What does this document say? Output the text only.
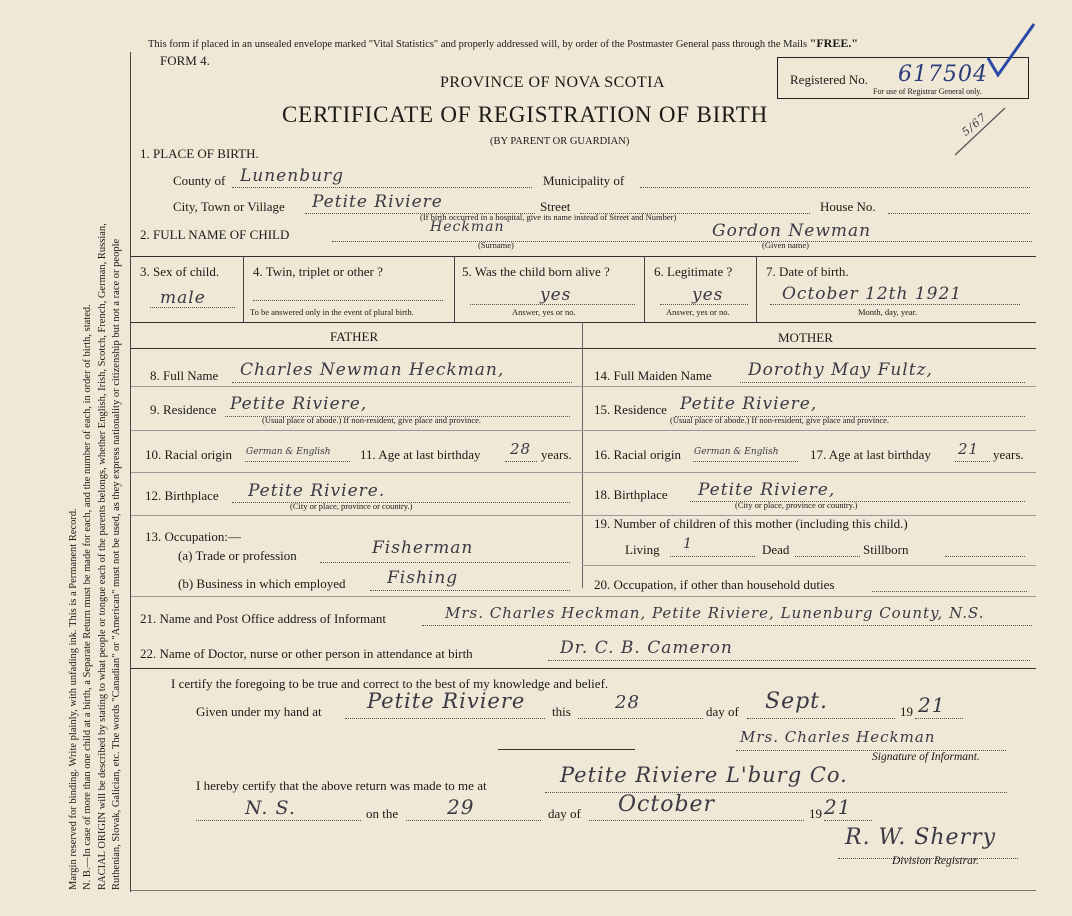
Margin reserved for binding. Write plainly, with unfading ink. This is a Permanent Record. N. B.—In case of more than one child at a birth, a Separate Return must be made for each, and the number of each, in order of birth, stated. RACIAL ORIGIN will be described by stating to what people or tongue each of the parents belongs, whether English, Irish, Scotch, French, German, Russian, Ruthenian, Slovak, Galician, etc. The words "Canadian" or "American" must not be used, as they express nationality or citizenship but not a race or people
This form if placed in an unsealed envelope marked "Vital Statistics" and properly addressed will, by order of the Postmaster General pass through the Mails "FREE."
FORM 4.
PROVINCE OF NOVA SCOTIA
CERTIFICATE OF REGISTRATION OF BIRTH
(BY PARENT OR GUARDIAN)
Registered No. 617504
For use of Registrar General only.
5/67
1. PLACE OF BIRTH.
County of Lunenburg	Municipality of
City, Town or Village Petite Riviere	Street	House No.
(If birth occurred in a hospital, give its name instead of Street and Number)
2. FULL NAME OF CHILD	Heckman	Gordon Newman
(Surname)	(Given name)
3. Sex of child.
male
4. Twin, triplet or other ?
To be answered only in the event of plural birth.
5. Was the child born alive ?
yes
Answer, yes or no.
6. Legitimate ?
yes
Answer, yes or no.
7. Date of birth.
October 12th 1921
Month, day, year.
FATHER	MOTHER
8. Full Name Charles Newman Heckman,
9. Residence Petite Riviere,
(Usual place of abode.) If non-resident, give place and province.
10. Racial origin German & English 11. Age at last birthday 28 years.
12. Birthplace Petite Riviere.
(City or place, province or country.)
13. Occupation:—
(a) Trade or profession	Fisherman
(b) Business in which employed Fishing
14. Full Maiden Name Dorothy May Fultz,
15. Residence Petite Riviere,
(Usual place of abode.) If non-resident, give place and province.
16. Racial origin German & English 17. Age at last birthday 21 years.
18. Birthplace Petite Riviere,
(City or place, province or country.)
19. Number of children of this mother (including this child.)
Living 1	Dead	Stillborn
20. Occupation, if other than household duties
21. Name and Post Office address of Informant	Mrs. Charles Heckman, Petite Riviere, Lunenburg County, N.S.
22. Name of Doctor, nurse or other person in attendance at birth	Dr. C. B. Cameron
I certify the foregoing to be true and correct to the best of my knowledge and belief.
Given under my hand at Petite Riviere this 28	day of Sept.	19 21
Mrs. Charles Heckman
Signature of Informant.
I hereby certify that the above return was made to me at	Petite Riviere L'burg Co.
N. S.	on the 29	day of October	19 21
R. W. Sherry
Division Registrar.
